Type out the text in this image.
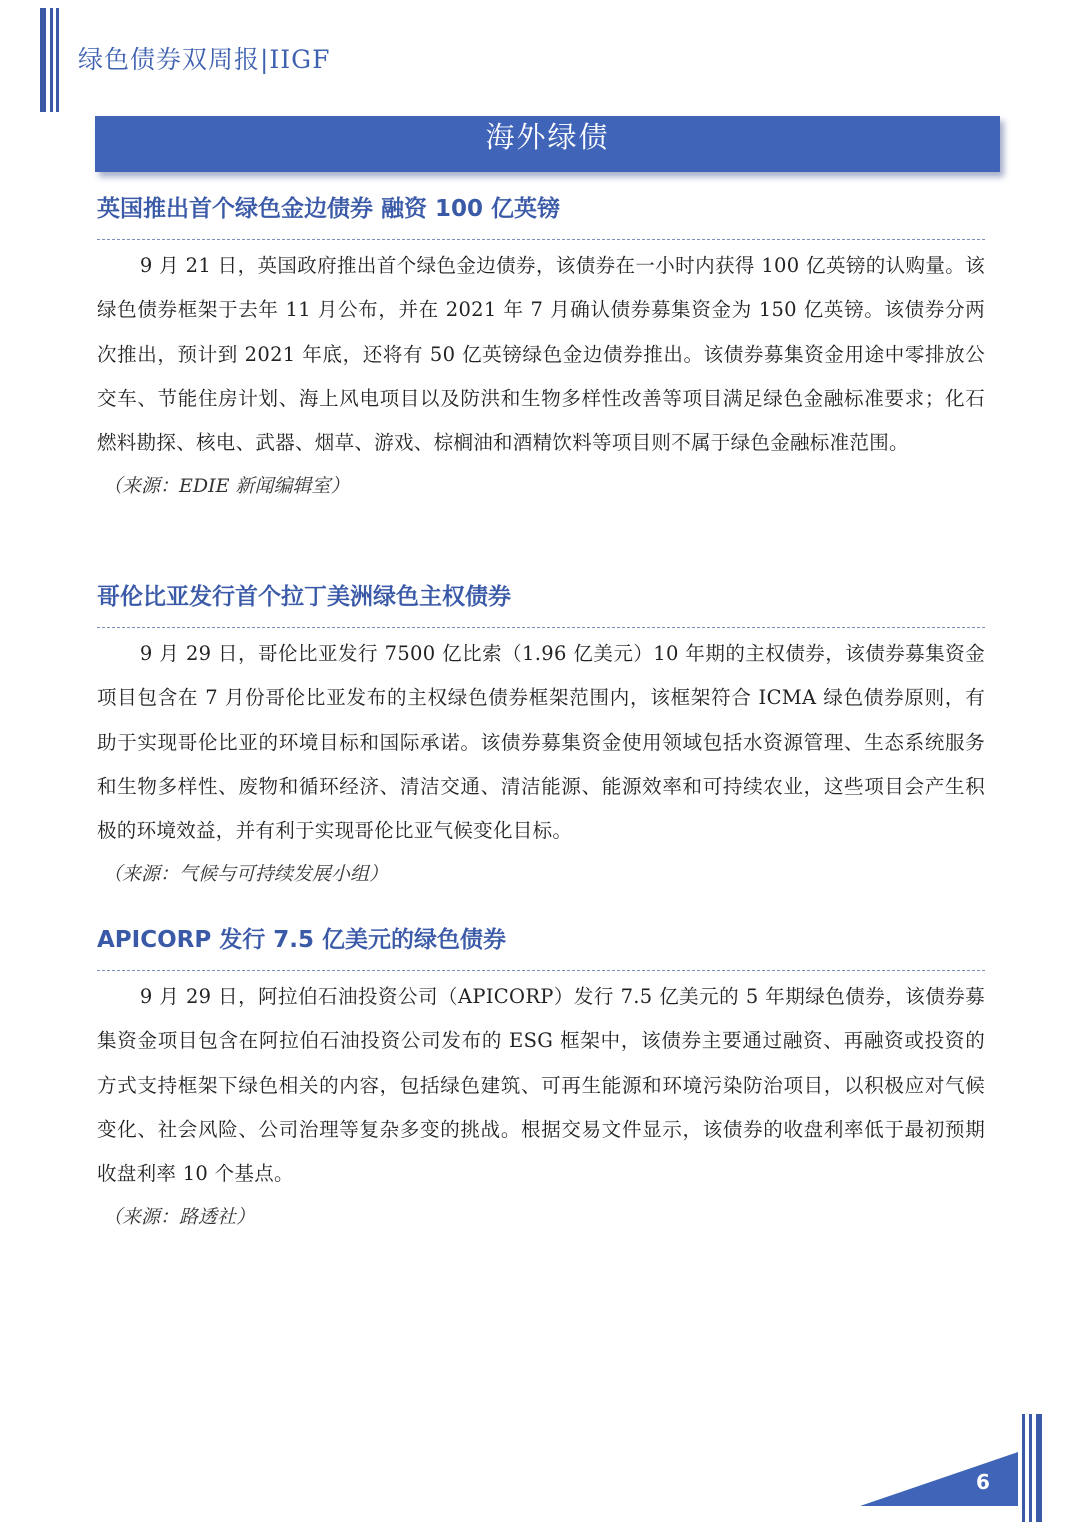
绿色债券双周报|IIGF
海外绿债
英国推出首个绿色金边债券 融资 100 亿英镑
9 月 21 日，英国政府推出首个绿色金边债券，该债券在一小时内获得 100 亿英镑的认购量。该绿色债券框架于去年 11 月公布，并在 2021 年 7 月确认债券募集资金为 150 亿英镑。该债券分两次推出，预计到 2021 年底，还将有 50 亿英镑绿色金边债券推出。该债券募集资金用途中零排放公交车、节能住房计划、海上风电项目以及防洪和生物多样性改善等项目满足绿色金融标准要求；化石燃料勘探、核电、武器、烟草、游戏、棕榈油和酒精饮料等项目则不属于绿色金融标准范围。
（来源：EDIE 新闻编辑室）
哥伦比亚发行首个拉丁美洲绿色主权债券
9 月 29 日，哥伦比亚发行 7500 亿比索（1.96 亿美元）10 年期的主权债券，该债券募集资金项目包含在 7 月份哥伦比亚发布的主权绿色债券框架范围内，该框架符合 ICMA 绿色债券原则，有助于实现哥伦比亚的环境目标和国际承诺。该债券募集资金使用领域包括水资源管理、生态系统服务和生物多样性、废物和循环经济、清洁交通、清洁能源、能源效率和可持续农业，这些项目会产生积极的环境效益，并有利于实现哥伦比亚气候变化目标。
（来源：气候与可持续发展小组）
APICORP 发行 7.5 亿美元的绿色债券
9 月 29 日，阿拉伯石油投资公司（APICORP）发行 7.5 亿美元的 5 年期绿色债券，该债券募集资金项目包含在阿拉伯石油投资公司发布的 ESG 框架中，该债券主要通过融资、再融资或投资的方式支持框架下绿色相关的内容，包括绿色建筑、可再生能源和环境污染防治项目，以积极应对气候变化、社会风险、公司治理等复杂多变的挑战。根据交易文件显示，该债券的收盘利率低于最初预期收盘利率 10 个基点。
（来源：路透社）
6
